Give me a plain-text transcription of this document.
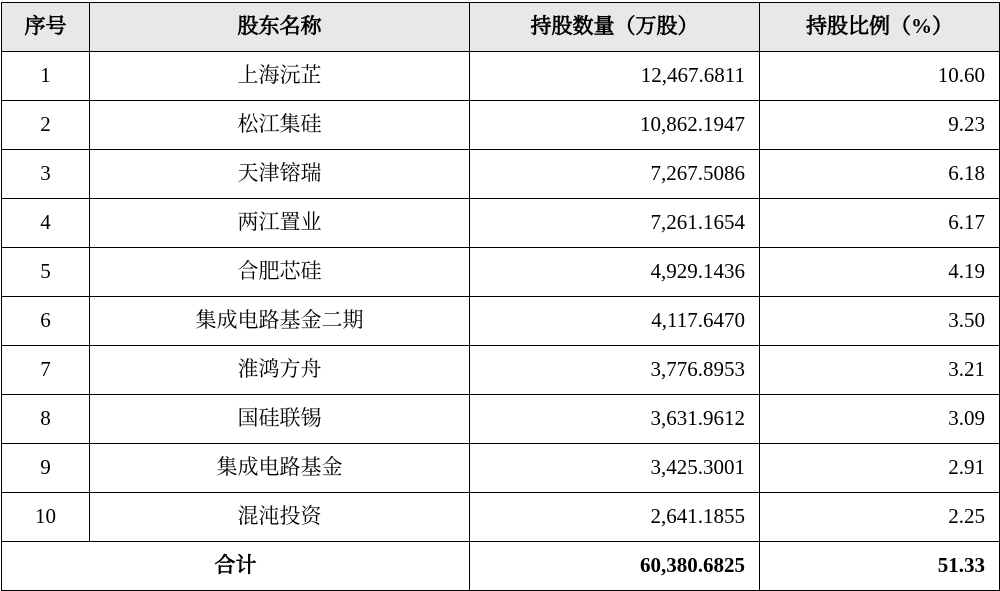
序号	股东名称	持股数量（万股）	持股比例（%）
1	上海沅芷	12,467.6811	10.60
2	松江集硅	10,862.1947	9.23
3	天津镕瑞	7,267.5086	6.18
4	两江置业	7,261.1654	6.17
5	合肥芯硅	4,929.1436	4.19
6	集成电路基金二期	4,117.6470	3.50
7	淮鸿方舟	3,776.8953	3.21
8	国硅联锡	3,631.9612	3.09
9	集成电路基金	3,425.3001	2.91
10	混沌投资	2,641.1855	2.25
合计		60,380.6825	51.33
